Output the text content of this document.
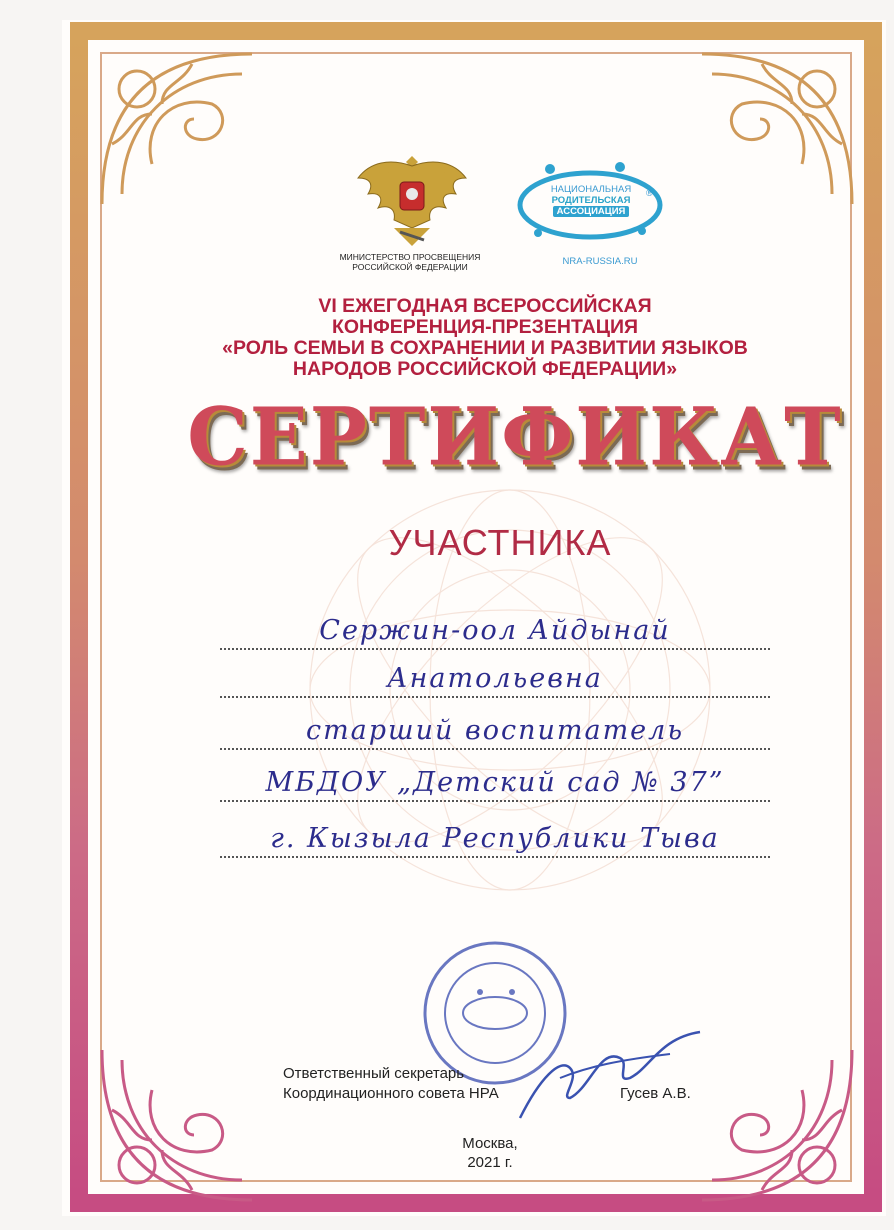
МИНИСТЕРСТВО ПРОСВЕЩЕНИЯ РОССИЙСКОЙ ФЕДЕРАЦИИ
НАЦИОНАЛЬНАЯ
РОДИТЕЛЬСКАЯ
АССОЦИАЦИЯ
®
NRA-RUSSIA.RU
VI ЕЖЕГОДНАЯ ВСЕРОССИЙСКАЯ
КОНФЕРЕНЦИЯ-ПРЕЗЕНТАЦИЯ
«РОЛЬ СЕМЬИ В СОХРАНЕНИИ И РАЗВИТИИ ЯЗЫКОВ
НАРОДОВ РОССИЙСКОЙ ФЕДЕРАЦИИ»
СЕРТИФИКАТ
УЧАСТНИКА
Сержин-оол Айдынай
Анатольевна
старший воспитатель
МБДОУ „Детский сад № 37”
г. Кызыла Республики Тыва
Ответственный секретарь
Координационного совета НРА	Гусев А.В.
Москва,
2021 г.
